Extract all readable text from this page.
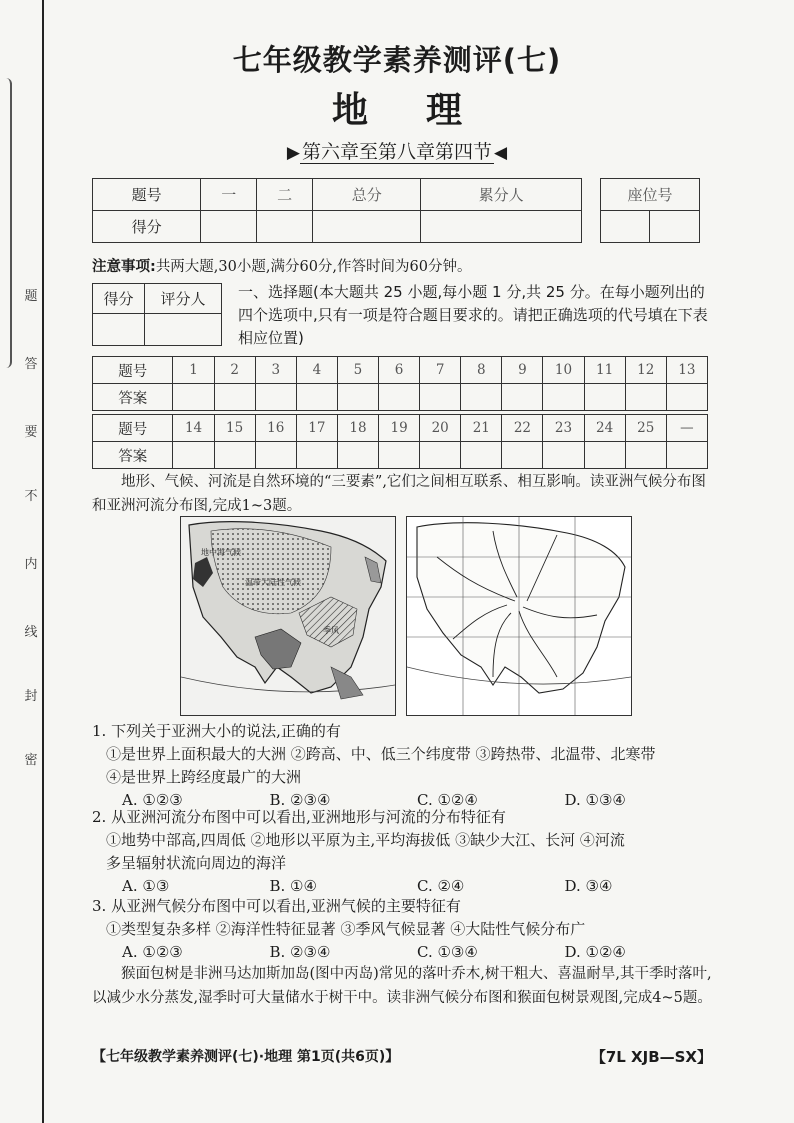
题
答
要
不
内
线
封
密
七年级教学素养测评(七)
地理
▶ 第六章至第八章第四节 ◀
题号	一	二	总分	累分人
得分				
座位号

注意事项:共两大题,30小题,满分60分,作答时间为60分钟。
得分	评分人
	一、选择题(本大题共 25 小题,每小题 1 分,共 25 分。在每小题列出的四个选项中,只有一项是符合题目要求的。请把正确选项的代号填在下表相应位置)
题号	1	2	3	4	5	6	7	8	9	10	11	12	13
答案													

题号	14	15	16	17	18	19	20	21	22	23	24	25	—
答案													
地形、气候、河流是自然环境的“三要素”,它们之间相互联系、相互影响。读亚洲气候分布图和亚洲河流分布图,完成1~3题。
地中海气候
温带大陆性气候
季风
1. 下列关于亚洲大小的说法,正确的有
①是世界上面积最大的大洲 ②跨高、中、低三个纬度带 ③跨热带、北温带、北寒带
④是世界上跨经度最广的大洲
A. ①②③	B. ②③④	C. ①②④	D. ①③④
2. 从亚洲河流分布图中可以看出,亚洲地形与河流的分布特征有
①地势中部高,四周低 ②地形以平原为主,平均海拔低 ③缺少大江、长河 ④河流
多呈辐射状流向周边的海洋
A. ①③	B. ①④	C. ②④	D. ③④
3. 从亚洲气候分布图中可以看出,亚洲气候的主要特征有
①类型复杂多样 ②海洋性特征显著 ③季风气候显著 ④大陆性气候分布广
A. ①②③	B. ②③④	C. ①③④	D. ①②④
猴面包树是非洲马达加斯加岛(图中丙岛)常见的落叶乔木,树干粗大、喜温耐旱,其干季时落叶,以减少水分蒸发,湿季时可大量储水于树干中。读非洲气候分布图和猴面包树景观图,完成4~5题。
【七年级教学素养测评(七)·地理 第1页(共6页)】	【7L XJB—SX】
